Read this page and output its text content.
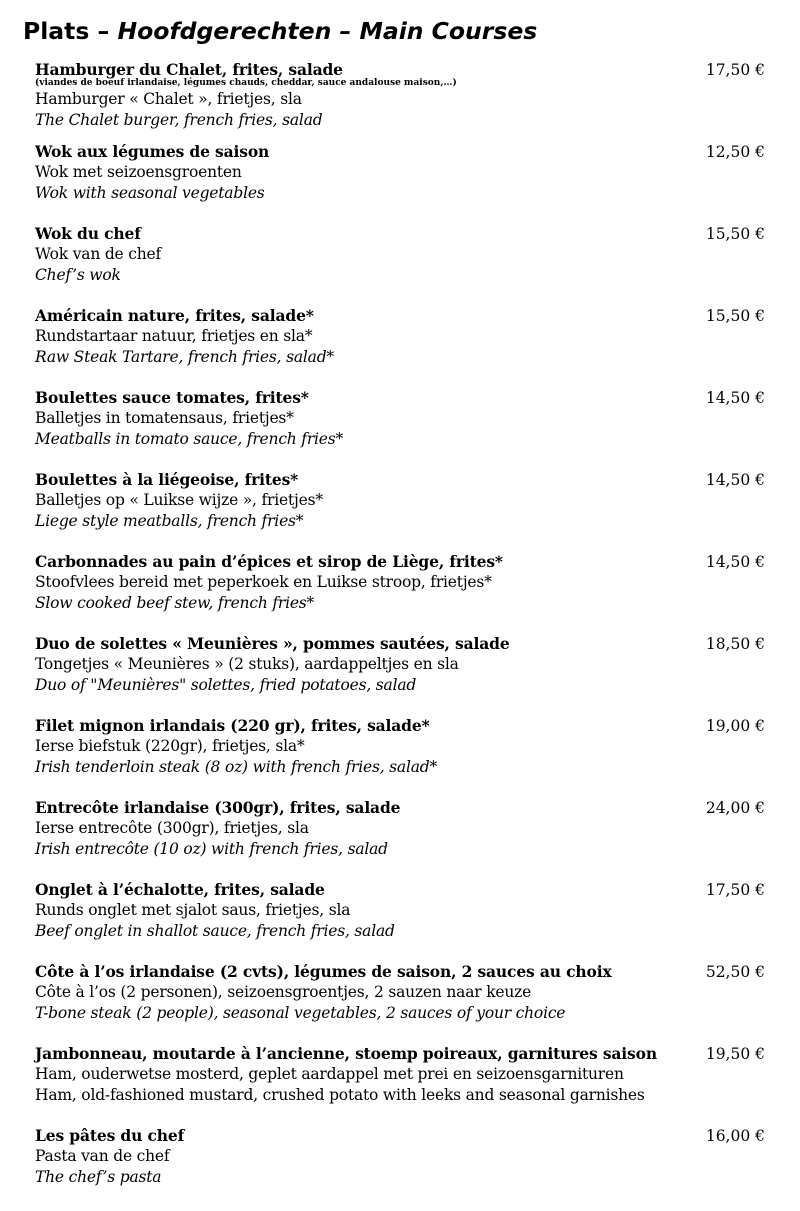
Plats – Hoofdgerechten – Main Courses
Hamburger du Chalet, frites, salade
(viandes de boeuf irlandaise, légumes chauds, cheddar, sauce andalouse maison,…)
Hamburger « Chalet », frietjes, sla
The Chalet burger, french fries, salad
17,50 €
Wok aux légumes de saison
Wok met seizoensgroenten
Wok with seasonal vegetables
12,50 €
Wok du chef
Wok van de chef
Chef’s wok
15,50 €
Américain nature, frites, salade*
Rundstartaar natuur, frietjes en sla*
Raw Steak Tartare, french fries, salad*
15,50 €
Boulettes sauce tomates, frites*
Balletjes in tomatensaus, frietjes*
Meatballs in tomato sauce, french fries*
14,50 €
Boulettes à la liégeoise, frites*
Balletjes op « Luikse wijze », frietjes*
Liege style meatballs, french fries*
14,50 €
Carbonnades au pain d’épices et sirop de Liège, frites*
Stoofvlees bereid met peperkoek en Luikse stroop, frietjes*
Slow cooked beef stew, french fries*
14,50 €
Duo de solettes « Meunières », pommes sautées, salade
Tongetjes « Meunières » (2 stuks), aardappeltjes en sla
Duo of "Meunières" solettes, fried potatoes, salad
18,50 €
Filet mignon irlandais (220 gr), frites, salade*
Ierse biefstuk (220gr), frietjes, sla*
Irish tenderloin steak (8 oz) with french fries, salad*
19,00 €
Entrecôte irlandaise (300gr), frites, salade
Ierse entrecôte (300gr), frietjes, sla
Irish entrecôte (10 oz) with french fries, salad
24,00 €
Onglet à l’échalotte, frites, salade
Runds onglet met sjalot saus, frietjes, sla
Beef onglet in shallot sauce, french fries, salad
17,50 €
Côte à l’os irlandaise (2 cvts), légumes de saison, 2 sauces au choix
Côte à l’os (2 personen), seizoensgroentjes, 2 sauzen naar keuze
T-bone steak (2 people), seasonal vegetables, 2 sauces of your choice
52,50 €
Jambonneau, moutarde à l’ancienne, stoemp poireaux, garnitures saison
Ham, ouderwetse mosterd, geplet aardappel met prei en seizoensgarnituren
Ham, old-fashioned mustard, crushed potato with leeks and seasonal garnishes
19,50 €
Les pâtes du chef
Pasta van de chef
The chef’s pasta
16,00 €
